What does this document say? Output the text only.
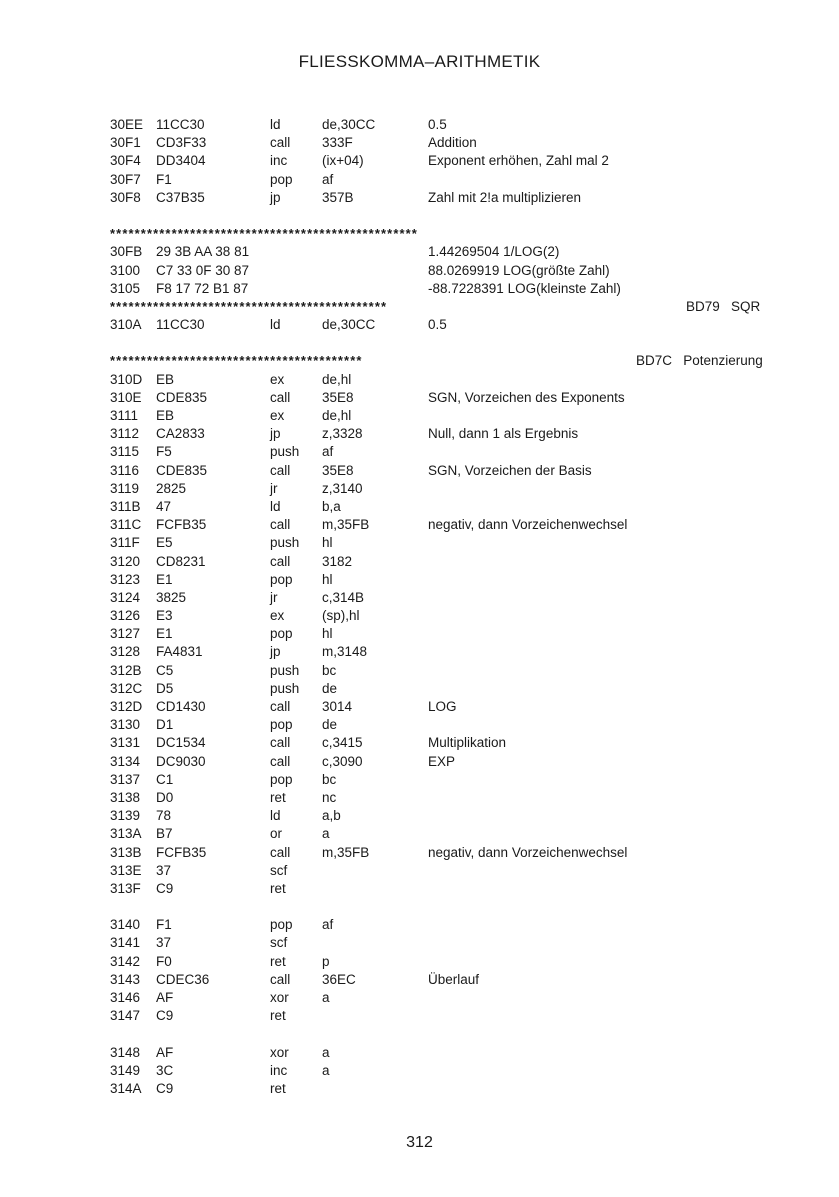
FLIESSKOMMA–ARITHMETIK
30EE 11CC30	ld	de,30CC	0.5
30F1 CD3F33	call 333F	Addition
30F4 DD3404	inc	(ix+04)	Exponent erhöhen, Zahl mal 2
30F7 F1	pop af
30F8 C37B35	jp	357B	Zahl mit 2!a multiplizieren
**************************************************
30FB 29 3B AA 38 81	1.44269504 1/LOG(2)
3100 C7 33 0F 30 87	88.0269919 LOG(größte Zahl)
3105 F8 17 72 B1 87	-88.7228391 LOG(kleinste Zahl)
*********************************************	BD79   SQR
310A 11CC30	ld	de,30CC	0.5
*****************************************	BD7C   Potenzierung
310D EB	ex	de,hl
310E CDE835	call 35E8	SGN, Vorzeichen des Exponents
3111 EB	ex	de,hl
3112 CA2833	jp	z,3328	Null, dann 1 als Ergebnis
3115 F5	push af
3116 CDE835	call 35E8	SGN, Vorzeichen der Basis
3119 2825	jr	z,3140
311B 47	ld	b,a
311C FCFB35	call m,35FB	negativ, dann Vorzeichenwechsel
311F E5	push hl
3120 CD8231	call 3182
3123 E1	pop hl
3124 3825	jr	c,314B
3126 E3	ex	(sp),hl
3127 E1	pop hl
3128 FA4831	jp	m,3148
312B C5	push bc
312C D5	push de
312D CD1430	call 3014	LOG
3130 D1	pop de
3131 DC1534	call c,3415	Multiplikation
3134 DC9030	call c,3090	EXP
3137 C1	pop bc
3138 D0	ret	nc
3139 78	ld	a,b
313A B7	or	a
313B FCFB35	call m,35FB	negativ, dann Vorzeichenwechsel
313E 37	scf
313F C9	ret
3140 F1	pop af
3141 37	scf
3142 F0	ret	p
3143 CDEC36	call 36EC	Überlauf
3146 AF	xor a
3147 C9	ret
3148 AF	xor a
3149 3C	inc	a
314A C9	ret
312
